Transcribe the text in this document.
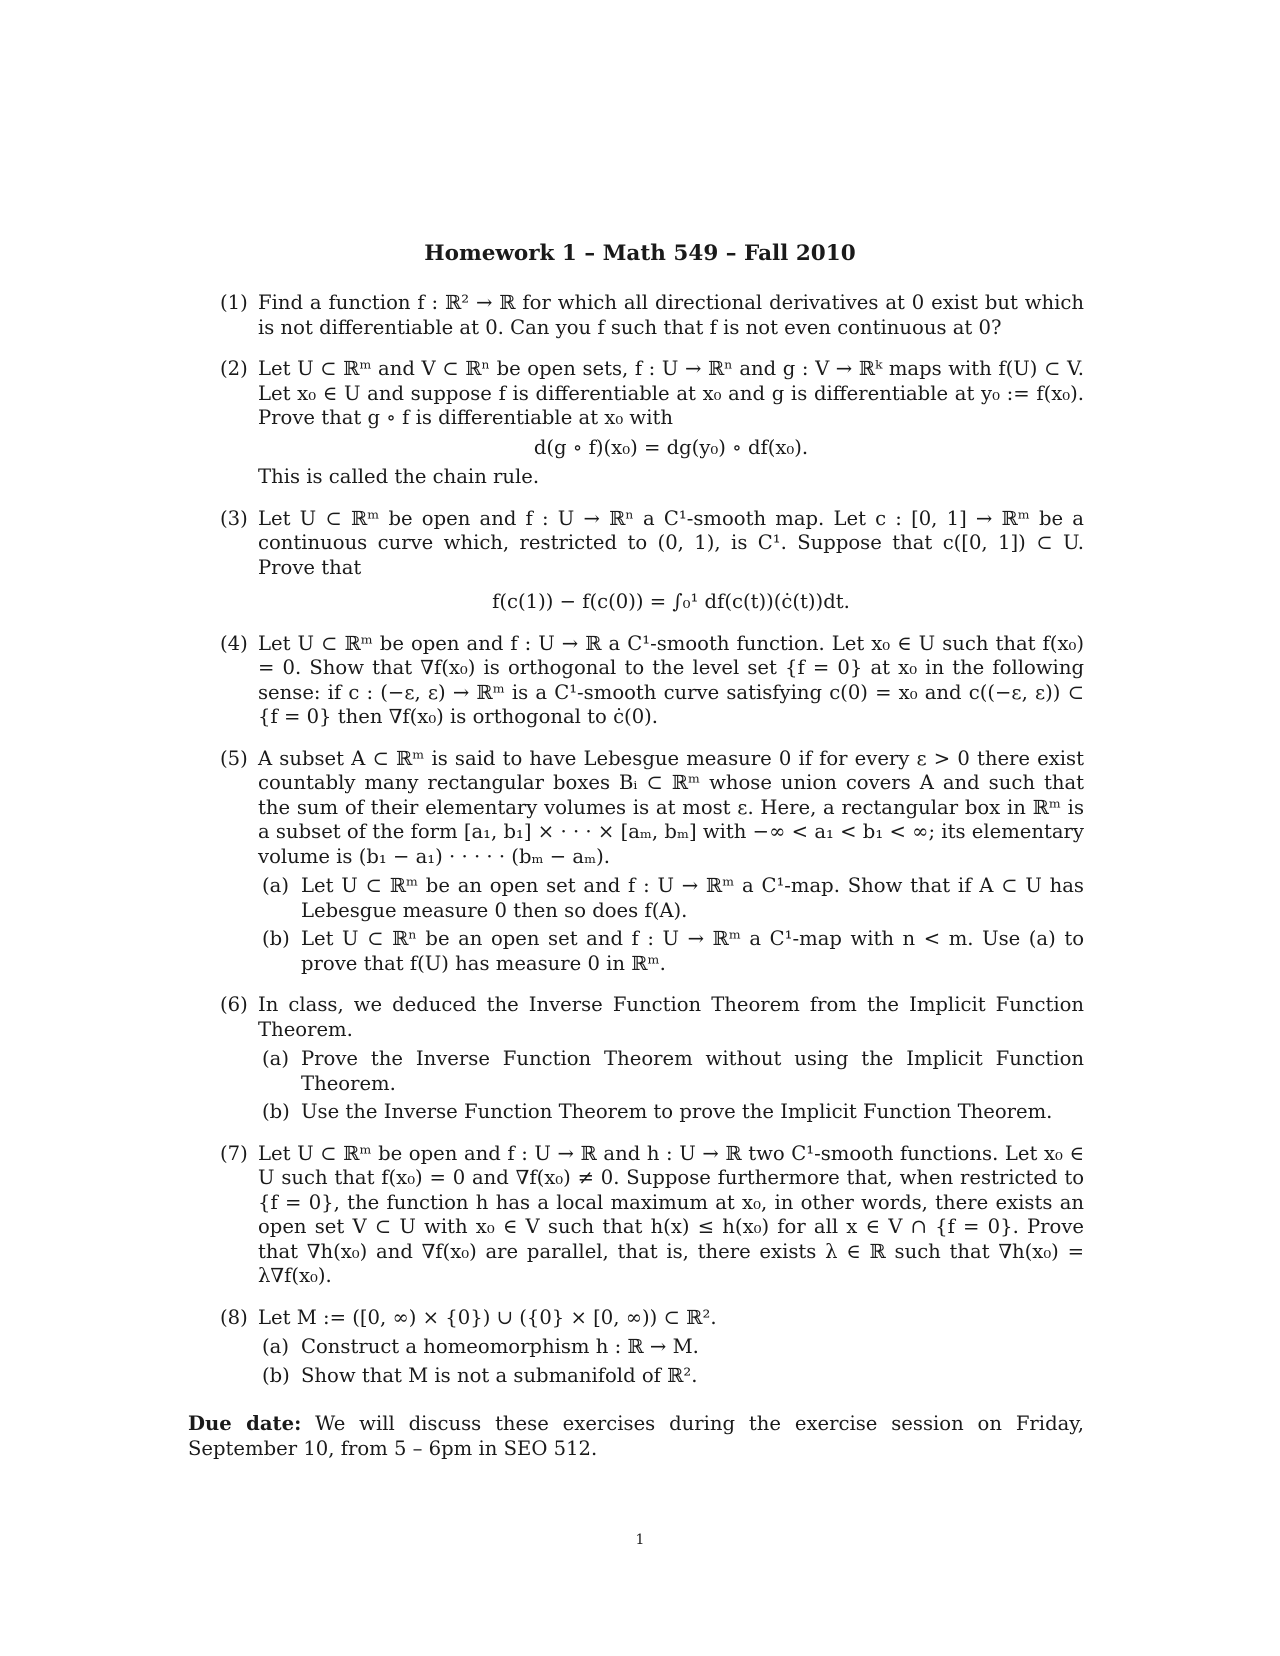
Homework 1 – Math 549 – Fall 2010
(1) Find a function f : ℝ² → ℝ for which all directional derivatives at 0 exist but which is not differentiable at 0. Can you f such that f is not even continuous at 0?

(2) Let U ⊂ ℝᵐ and V ⊂ ℝⁿ be open sets, f : U → ℝⁿ and g : V → ℝᵏ maps with f(U) ⊂ V. Let x₀ ∈ U and suppose f is differentiable at x₀ and g is differentiable at y₀ := f(x₀). Prove that g ∘ f is differentiable at x₀ with

d(g ∘ f)(x₀) = dg(y₀) ∘ df(x₀).

This is called the chain rule.

(3) Let U ⊂ ℝᵐ be open and f : U → ℝⁿ a C¹-smooth map. Let c : [0, 1] → ℝᵐ be a continuous curve which, restricted to (0, 1), is C¹. Suppose that c([0, 1]) ⊂ U. Prove that

f(c(1)) − f(c(0)) = ∫₀¹ df(c(t))(ċ(t))dt.
(4) Let U ⊂ ℝᵐ be open and f : U → ℝ a C¹-smooth function. Let x₀ ∈ U such that f(x₀) = 0. Show that ∇f(x₀) is orthogonal to the level set {f = 0} at x₀ in the following sense: if c : (−ε, ε) → ℝᵐ is a C¹-smooth curve satisfying c(0) = x₀ and c((−ε, ε)) ⊂ {f = 0} then ∇f(x₀) is orthogonal to ċ(0).

(5) A subset A ⊂ ℝᵐ is said to have Lebesgue measure 0 if for every ε > 0 there exist countably many rectangular boxes Bᵢ ⊂ ℝᵐ whose union covers A and such that the sum of their elementary volumes is at most ε. Here, a rectangular box in ℝᵐ is a subset of the form [a₁, b₁] × · · · × [aₘ, bₘ] with −∞ < a₁ < b₁ < ∞; its elementary volume is (b₁ − a₁) · · · · · (bₘ − aₘ).

(a) Let U ⊂ ℝᵐ be an open set and f : U → ℝᵐ a C¹-map. Show that if A ⊂ U has Lebesgue measure 0 then so does f(A).
(b) Let U ⊂ ℝⁿ be an open set and f : U → ℝᵐ a C¹-map with n < m. Use (a) to prove that f(U) has measure 0 in ℝᵐ.
(6) In class, we deduced the Inverse Function Theorem from the Implicit Function Theorem.

(a) Prove the Inverse Function Theorem without using the Implicit Function Theorem.
(b) Use the Inverse Function Theorem to prove the Implicit Function Theorem.
(7) Let U ⊂ ℝᵐ be open and f : U → ℝ and h : U → ℝ two C¹-smooth functions. Let x₀ ∈ U such that f(x₀) = 0 and ∇f(x₀) ≠ 0. Suppose furthermore that, when restricted to {f = 0}, the function h has a local maximum at x₀, in other words, there exists an open set V ⊂ U with x₀ ∈ V such that h(x) ≤ h(x₀) for all x ∈ V ∩ {f = 0}. Prove that ∇h(x₀) and ∇f(x₀) are parallel, that is, there exists λ ∈ ℝ such that ∇h(x₀) = λ∇f(x₀).

(8) Let M := ([0, ∞) × {0}) ∪ ({0} × [0, ∞)) ⊂ ℝ².

(a) Construct a homeomorphism h : ℝ → M.
(b) Show that M is not a submanifold of ℝ².
Due date: We will discuss these exercises during the exercise session on Friday, September 10, from 5 – 6pm in SEO 512.
1
